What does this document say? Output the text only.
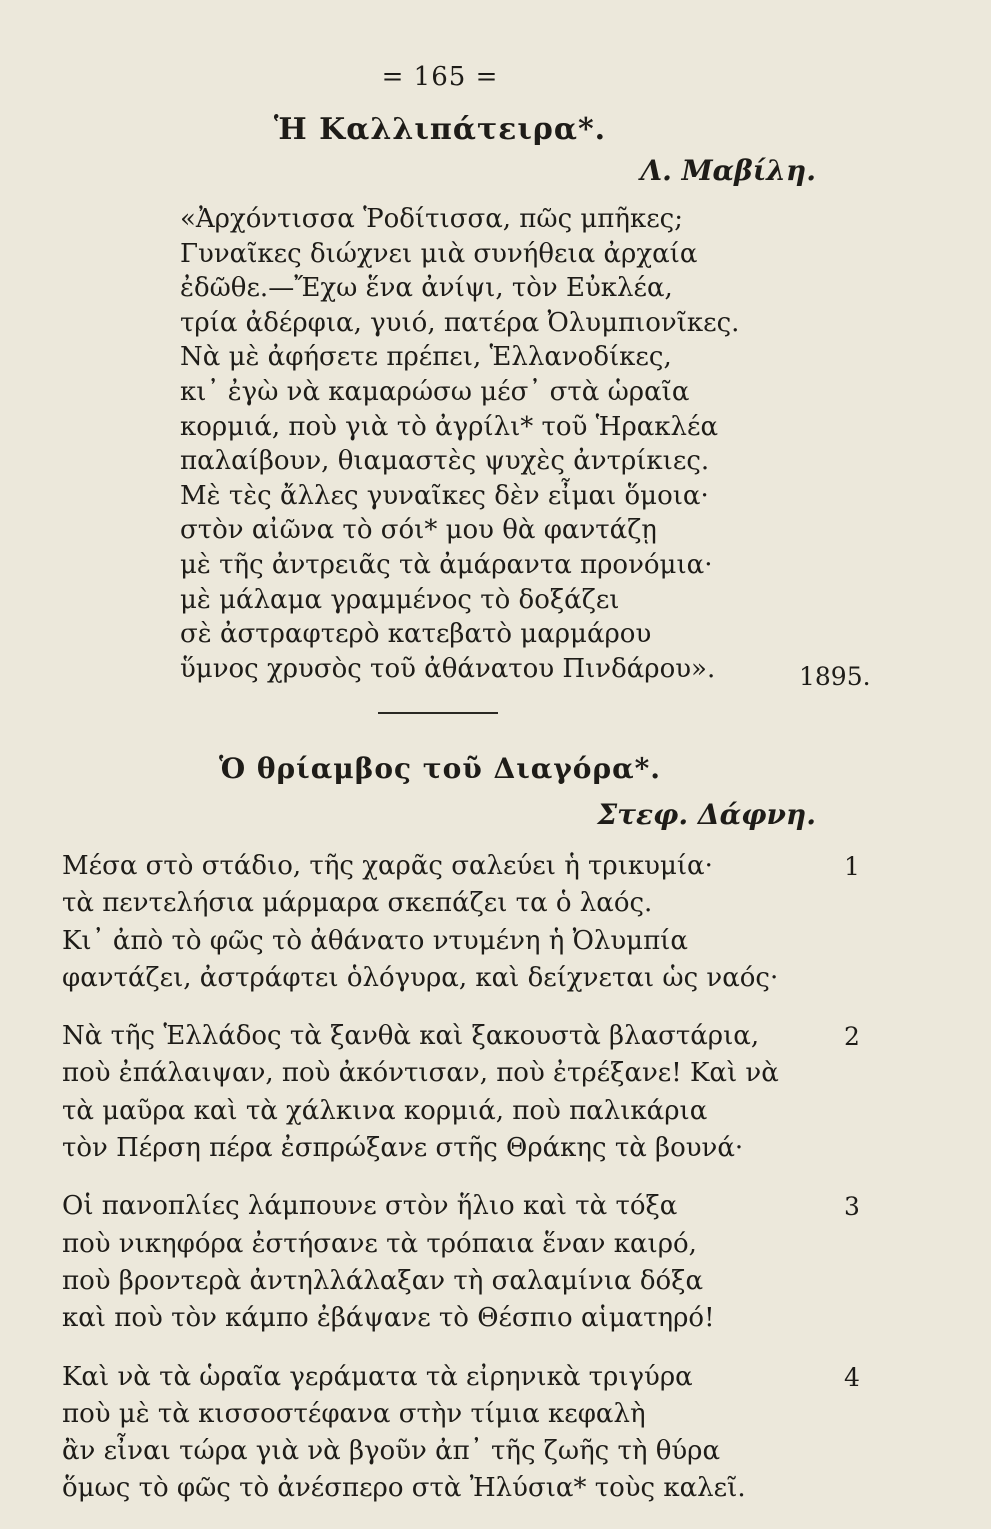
= 165 =
Ἡ Καλλιπάτειρα*.
Λ. Μαβίλη.
«Ἀρχόντισσα Ῥοδίτισσα, πῶς μπῆκες;
Γυναῖκες διώχνει μιὰ συνήθεια ἀρχαία
ἐδῶθε.—Ἔχω ἕνα ἀνίψι, τὸν Εὐκλέα,
τρία ἀδέρφια, γυιό, πατέρα Ὀλυμπιονῖκες.
Νὰ μὲ ἀφήσετε πρέπει, Ἑλλανοδίκες,
κι᾿ ἐγὼ νὰ καμαρώσω μέσ᾿ στὰ ὡραῖα
κορμιά, ποὺ γιὰ τὸ ἀγρίλι* τοῦ Ἡρακλέα
παλαίβουν, θιαμαστὲς ψυχὲς ἀντρίκιες.
Μὲ τὲς ἄλλες γυναῖκες δὲν εἶμαι ὅμοια·
στὸν αἰῶνα τὸ σόι* μου θὰ φαντάζῃ
μὲ τῆς ἀντρειᾶς τὰ ἀμάραντα προνόμια·
μὲ μάλαμα γραμμένος τὸ δοξάζει
σὲ ἀστραφτερὸ κατεβατὸ μαρμάρου
ὕμνος χρυσὸς τοῦ ἀθάνατου Πινδάρου».	1895.
Ὁ θρίαμβος τοῦ Διαγόρα*.
Στεφ. Δάφνη.
1
Μέσα στὸ στάδιο, τῆς χαρᾶς σαλεύει ἡ τρικυμία·
τὰ πεντελήσια μάρμαρα σκεπάζει τα ὁ λαός.
Κι᾿ ἀπὸ τὸ φῶς τὸ ἀθάνατο ντυμένη ἡ Ὀλυμπία
φαντάζει, ἀστράφτει ὁλόγυρα, καὶ δείχνεται ὡς ναός·
2
Νὰ τῆς Ἑλλάδος τὰ ξανθὰ καὶ ξακουστὰ βλαστάρια,
ποὺ ἐπάλαιψαν, ποὺ ἀκόντισαν, ποὺ ἐτρέξανε! Καὶ νὰ
τὰ μαῦρα καὶ τὰ χάλκινα κορμιά, ποὺ παλικάρια
τὸν Πέρση πέρα ἐσπρώξανε στῆς Θράκης τὰ βουνά·
3
Οἱ πανοπλίες λάμπουνε στὸν ἥλιο καὶ τὰ τόξα
ποὺ νικηφόρα ἐστήσανε τὰ τρόπαια ἕναν καιρό,
ποὺ βροντερὰ ἀντηλλάλαξαν τὴ σαλαμίνια δόξα
καὶ ποὺ τὸν κάμπο ἐβάψανε τὸ Θέσπιο αἱματηρό!
4
Καὶ νὰ τὰ ὡραῖα γεράματα τὰ εἰρηνικὰ τριγύρα
ποὺ μὲ τὰ κισσοστέφανα στὴν τίμια κεφαλὴ
ἂν εἶναι τώρα γιὰ νὰ βγοῦν ἀπ᾿ τῆς ζωῆς τὴ θύρα
ὅμως τὸ φῶς τὸ ἀνέσπερο στὰ Ἠλύσια* τοὺς καλεῖ.
